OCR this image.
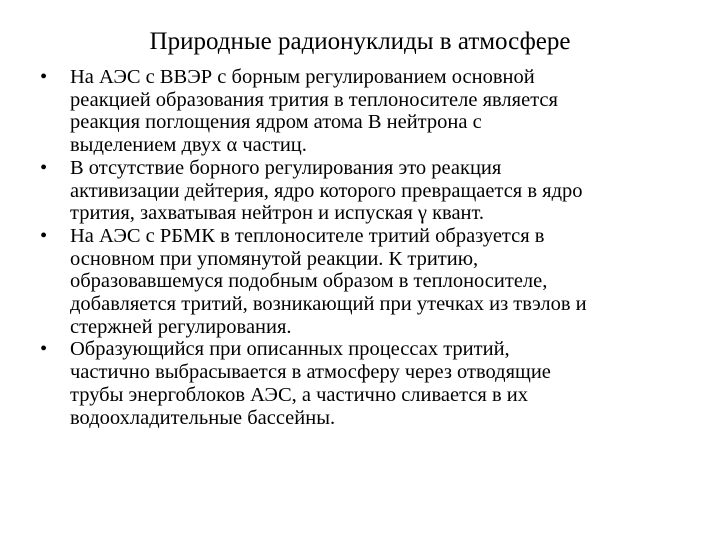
Природные радионуклиды в атмосфере
•	На АЭС с ВВЭР с борным регулированием основной
реакцией образования трития в теплоносителе является
реакция поглощения ядром атома В нейтрона с
выделением двух α частиц.
•	В отсутствие борного регулирования это реакция
активизации дейтерия, ядро которого превращается в ядро
трития, захватывая нейтрон и испуская γ квант.
•	На АЭС с РБМК в теплоносителе тритий образуется в
основном при упомянутой реакции. К тритию,
образовавшемуся подобным образом в теплоносителе,
добавляется тритий, возникающий при утечках из твэлов и
стержней регулирования.
•	Образующийся при описанных процессах тритий,
частично выбрасывается в атмосферу через отводящие
трубы энергоблоков АЭС, а частично сливается в их
водоохладительные бассейны.
